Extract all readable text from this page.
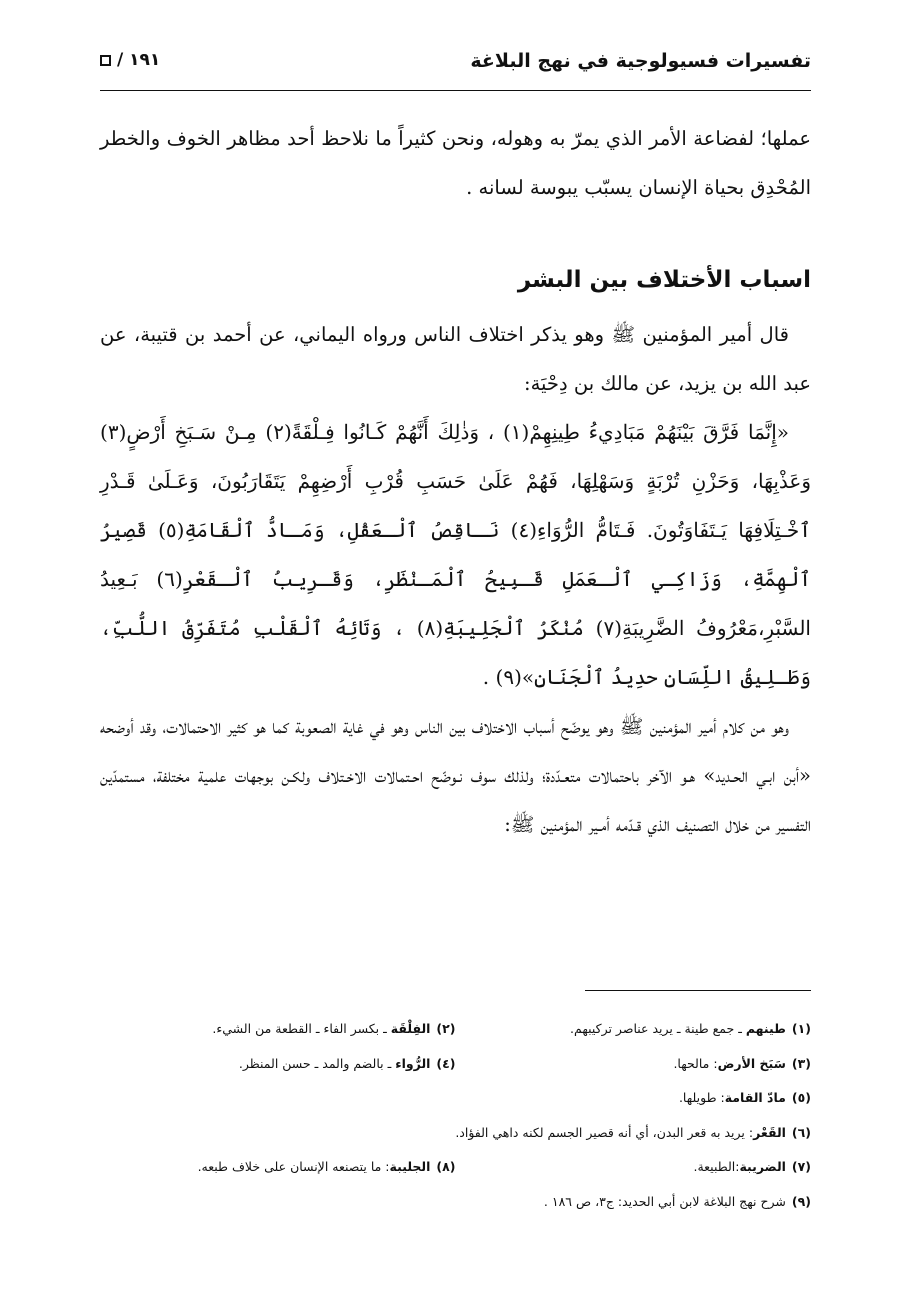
تفسيرات فسيولوجية في نهج البلاغة
١٩١ /

عملها؛ لفضاعة الأمر الذي يمرّ به وهوله، ونحن كثيراً ما نلاحظ أحد مظاهر الخوف والخطر المُحْدِق بحياة الإنسان يسبّب يبوسة لسانه .

اسباب الأختلاف بين البشر

قال أمير المؤمنين ﷺ وهو يذكر اختلاف الناس ورواه اليماني، عن أحمد بن قتيبة، عن عبد الله بن يزيد، عن مالك بن دِحْيَة:

«إِنَّمَا فَرَّقَ بَيْنَهُمْ مَبَادِيءُ طِينِهِمْ(١) ، وَذٰلِكَ أَنَّهُمْ كَـانُوا فِـلْقَةً(٢) مِـنْ سَـبَخِ أَرْضٍ(٣) وَعَذْبِهَا، وَحَزْنِ تُرْبَةٍ وَسَهْلِهَا، فَهُمْ عَلَىٰ حَسَبِ قُرْبِ أَرْضِهِمْ يَتَقَارَبُونَ، وَعَـلَىٰ قَـدْرِ ٱخْـتِلَافِهَا يَـتَفَاوَتُونَ. فَـتَامُّ الرُّوَاءِ(٤) نَـاقِصُ ٱلْـعَقْلِ، وَمَـادُّ ٱلْقَامَةِ(٥) قَصِيرُ ٱلْهِمَّةِ، وَزَاكِـي ٱلْـعَمَلِ قَـبِيحُ ٱلْمَـنْظَرِ، وَقَـرِيبُ ٱلْـقَعْرِ(٦) بَـعِيدُ السَّبْرِ،مَعْرُوفُ الضَّرِيبَةِ(٧) مُنْكَرُ ٱلْجَلِيبَةِ(٨) ، وَتَائِهُ ٱلْقَلْبِ مُتَفَرِّقُ اللُّبِّ، وَطَـلِيقُ اللِّسَانِ حدِيدُ ٱلْجَنَانِ»(٩) .

وهو من كلام أمير المؤمنين ﷺ وهو يوضّح أسباب الاختلاف بين الناس وهو في غاية الصعوبة كما هو كثير الاحتمالات، وقد أوضحه «أبن ابـي الحـديد» هـو الآخر باحتمالات متعـدّدة؛ ولذلك سوف نـوضّح احـتمالات الاخـتلاف ولكـن بوجهات علمية مختلفة، مستمدّين التفسير من خلال التصنيف الذي قـدّمه أمـير المؤمنين ﷺ:

(١)طينهم ـ جمع طينة ـ يريد عناصر تركيبهم.
(٢)الفِلْقَة ـ بكسر الفاء ـ القطعة من الشيء.
(٣)سَبَخ الأرض: مالحها.
(٤)الرُّواء ـ بالضم والمد ـ حسن المنظر.
(٥)مادّ القامة: طويلها.
(٦)القَعْر: يريد به قعر البدن، أي أنه قصير الجسم لكنه داهي الفؤاد.
(٧)الضريبة:الطبيعة.
(٨)الجليبة: ما يتصنعه الإنسان على خلاف طبعه.
(٩)شرح نهج البلاغة لابن أبي الحديد: ج٣، ص ١٨٦ .
